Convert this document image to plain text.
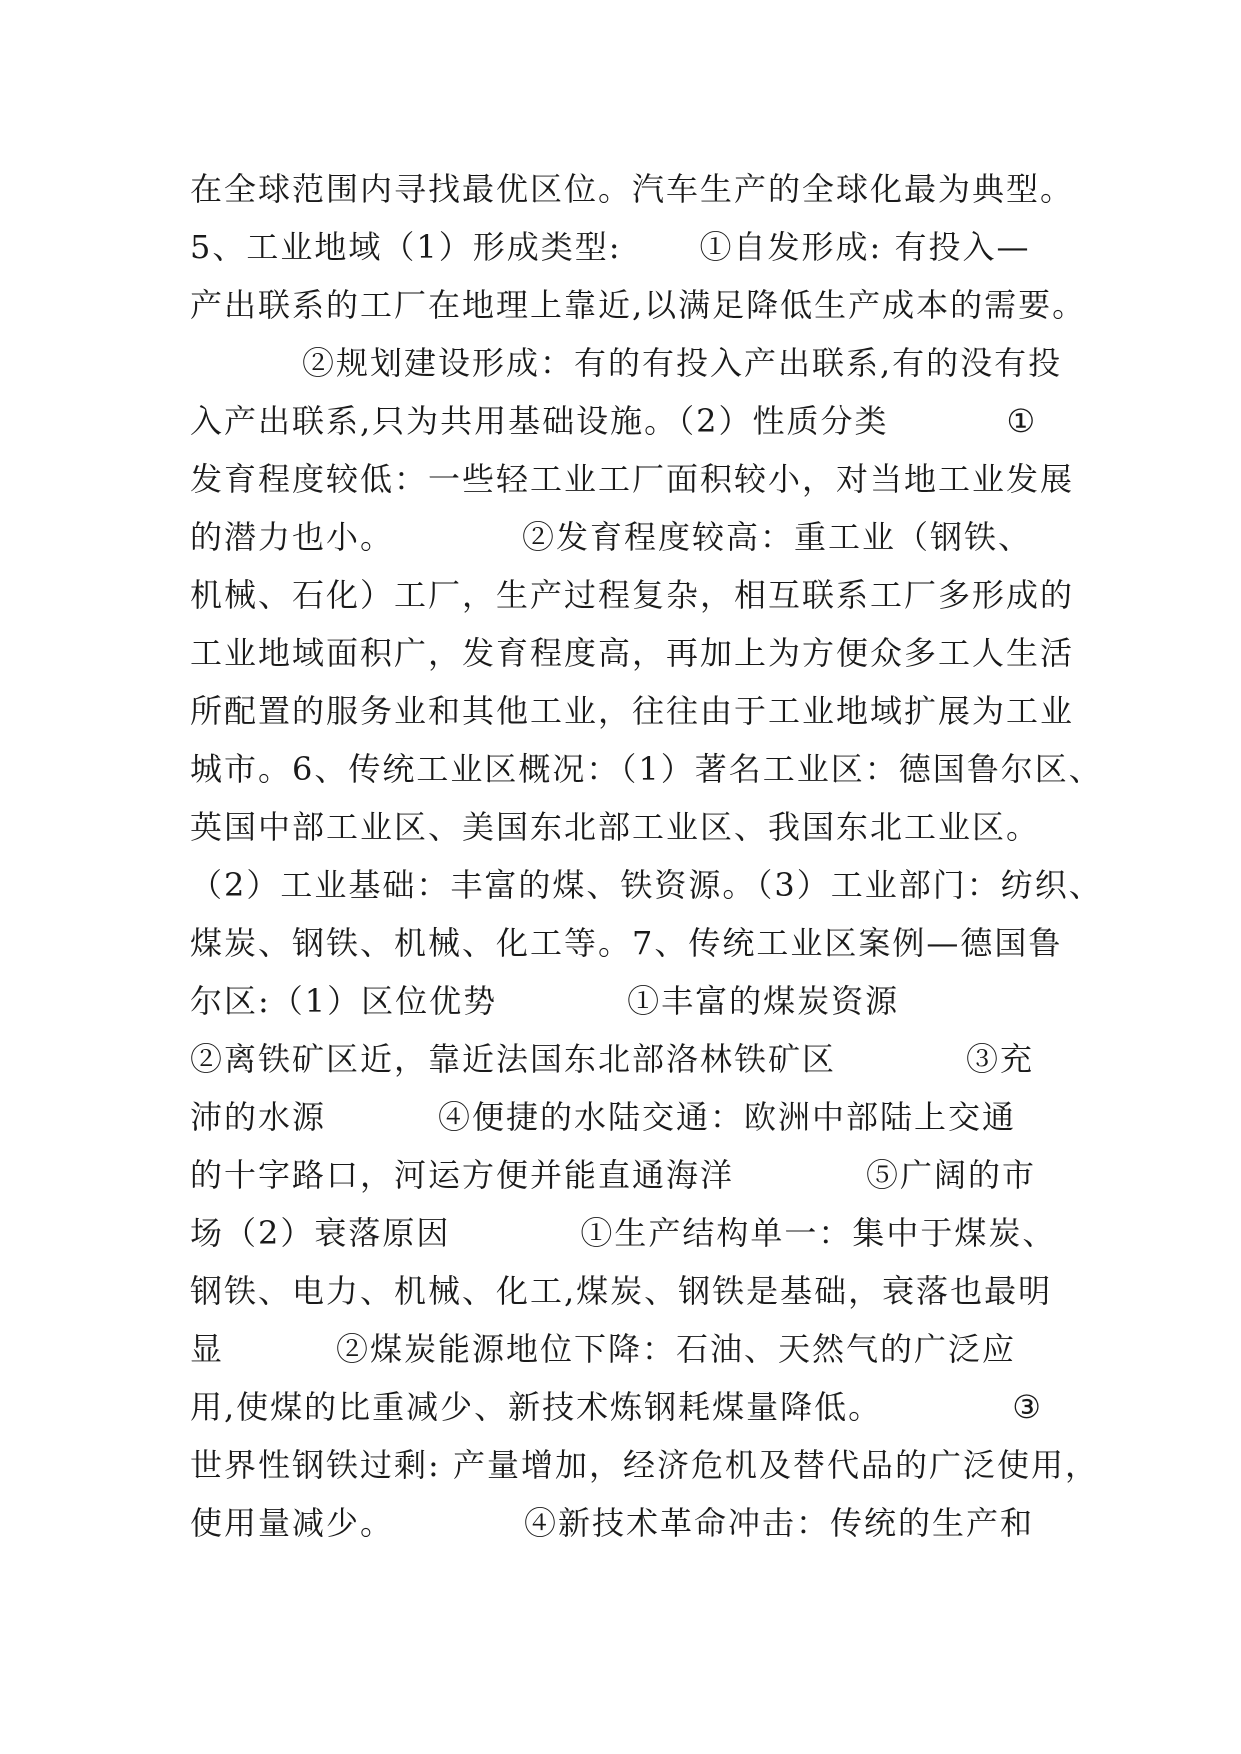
在全球范围内寻找最优区位。汽车生产的全球化最为典型。
5、工业地域（1）形成类型: ①自发形成: 有投入—
产出联系的工厂在地理上靠近,以满足降低生产成本的需要。
②规划建设形成：有的有投入产出联系,有的没有投
入产出联系,只为共用基础设施。（2）性质分类	①
发育程度较低：一些轻工业工厂面积较小，对当地工业发展
的潜力也小。	②发育程度较高：重工业（钢铁、
机械、石化）工厂，生产过程复杂，相互联系工厂多形成的
工业地域面积广，发育程度高，再加上为方便众多工人生活
所配置的服务业和其他工业，往往由于工业地域扩展为工业
城市。6、传统工业区概况：（1）著名工业区：德国鲁尔区、
英国中部工业区、美国东北部工业区、我国东北工业区。
（2）工业基础：丰富的煤、铁资源。（3）工业部门：纺织、
煤炭、钢铁、机械、化工等。7、传统工业区案例—德国鲁
尔区:（1）区位优势	①丰富的煤炭资源
②离铁矿区近，靠近法国东北部洛林铁矿区	③充
沛的水源	④便捷的水陆交通：欧洲中部陆上交通
的十字路口，河运方便并能直通海洋	⑤广阔的市
场（2）衰落原因	①生产结构单一：集中于煤炭、
钢铁、电力、机械、化工,煤炭、钢铁是基础，衰落也最明
显	②煤炭能源地位下降：石油、天然气的广泛应
用,使煤的比重减少、新技术炼钢耗煤量降低。	③
世界性钢铁过剩: 产量增加，经济危机及替代品的广泛使用，
使用量减少。	④新技术革命冲击：传统的生产和
